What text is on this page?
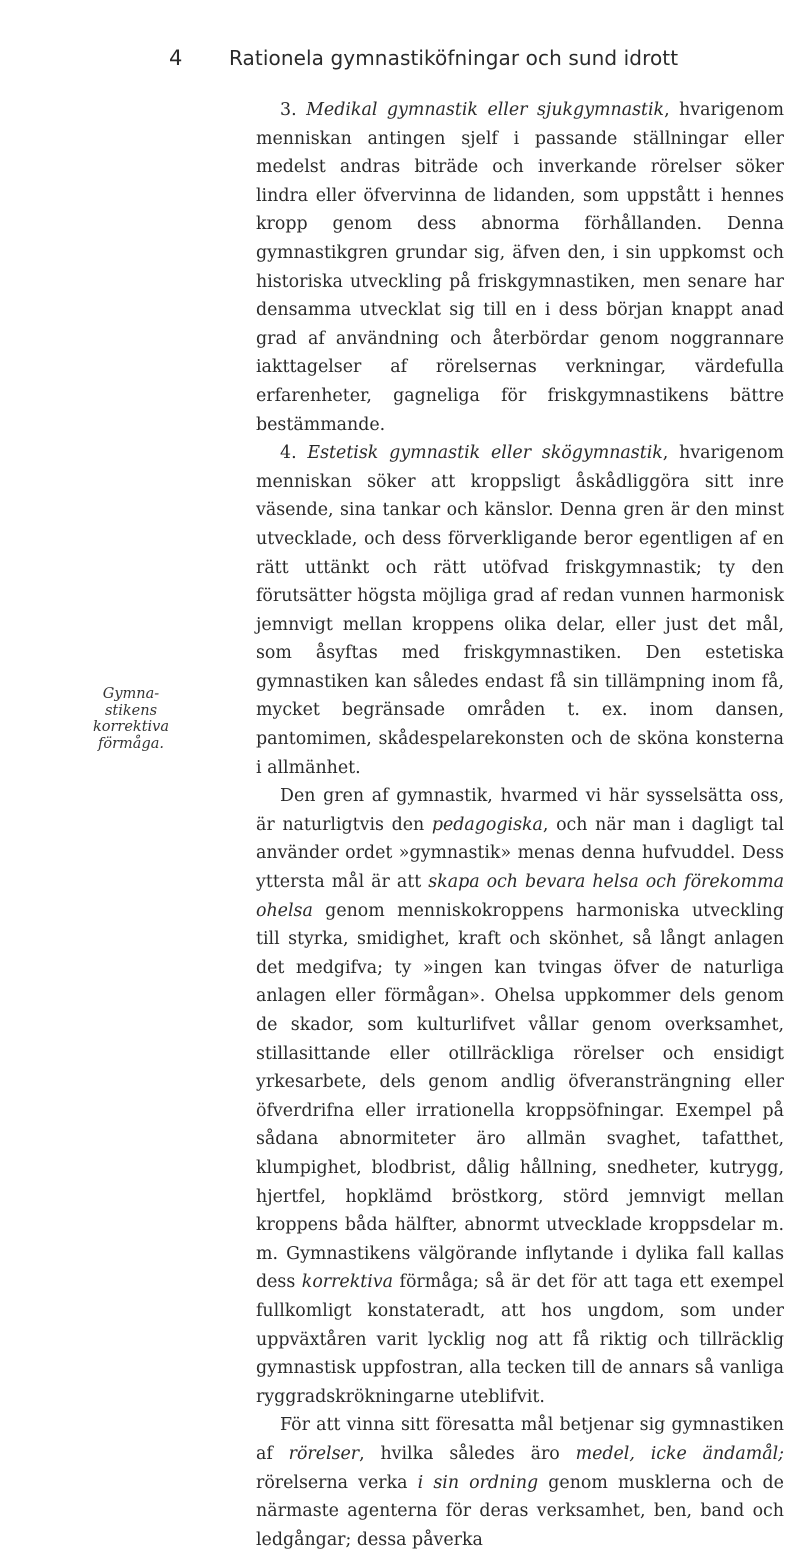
4 Rationela gymnastiköfningar och sund idrott
Gymna-
stikens
korrektiva
förmåga.

3. Medikal gymnastik eller sjukgymnastik, hvarigenom menniskan antingen sjelf i passande ställningar eller medelst andras biträde och inverkande rörelser söker lindra eller öfvervinna de lidanden, som uppstått i hennes kropp genom dess abnorma förhållanden. Denna gymnastikgren grundar sig, äfven den, i sin uppkomst och historiska utveckling på friskgymnastiken, men senare har densamma utvecklat sig till en i dess början knappt anad grad af användning och återbördar genom noggrannare iakttagelser af rörelsernas verkningar, värdefulla erfarenheter, gagneliga för friskgymnastikens bättre bestämmande.

4. Estetisk gymnastik eller skögymnastik, hvarigenom menniskan söker att kroppsligt åskådliggöra sitt inre väsende, sina tankar och känslor. Denna gren är den minst utvecklade, och dess förverkligande beror egentligen af en rätt uttänkt och rätt utöfvad friskgymnastik; ty den förutsätter högsta möjliga grad af redan vunnen harmonisk jemnvigt mellan kroppens olika delar, eller just det mål, som åsyftas med friskgymnastiken. Den estetiska gymnastiken kan således endast få sin tillämpning inom få, mycket begränsade områden t. ex. inom dansen, pantomimen, skådespelarekonsten och de sköna konsterna i allmänhet.

Den gren af gymnastik, hvarmed vi här sysselsätta oss, är naturligtvis den pedagogiska, och när man i dagligt tal använder ordet »gymnastik» menas denna hufvuddel. Dess yttersta mål är att skapa och bevara helsa och förekomma ohelsa genom menniskokroppens harmoniska utveckling till styrka, smidighet, kraft och skönhet, så långt anlagen det medgifva; ty »ingen kan tvingas öfver de naturliga anlagen eller förmågan». Ohelsa uppkommer dels genom de skador, som kulturlifvet vållar genom overksamhet, stillasittande eller otillräckliga rörelser och ensidigt yrkesarbete, dels genom andlig öfveransträngning eller öfverdrifna eller irrationella kroppsöfningar. Exempel på sådana abnormiteter äro allmän svaghet, tafatthet, klumpighet, blodbrist, dålig hållning, snedheter, kutrygg, hjertfel, hopklämd bröstkorg, störd jemnvigt mellan kroppens båda hälfter, abnormt utvecklade kroppsdelar m. m. Gymnastikens välgörande inflytande i dylika fall kallas dess korrektiva förmåga; så är det för att taga ett exempel fullkomligt konstateradt, att hos ungdom, som under uppväxtåren varit lycklig nog att få riktig och tillräcklig gymnastisk uppfostran, alla tecken till de annars så vanliga ryggradskrökningarne uteblifvit.

För att vinna sitt föresatta mål betjenar sig gymnastiken af rörelser, hvilka således äro medel, icke ändamål; rörelserna verka i sin ordning genom musklerna och de närmaste agenterna för deras verksamhet, ben, band och ledgångar; dessa påverka
